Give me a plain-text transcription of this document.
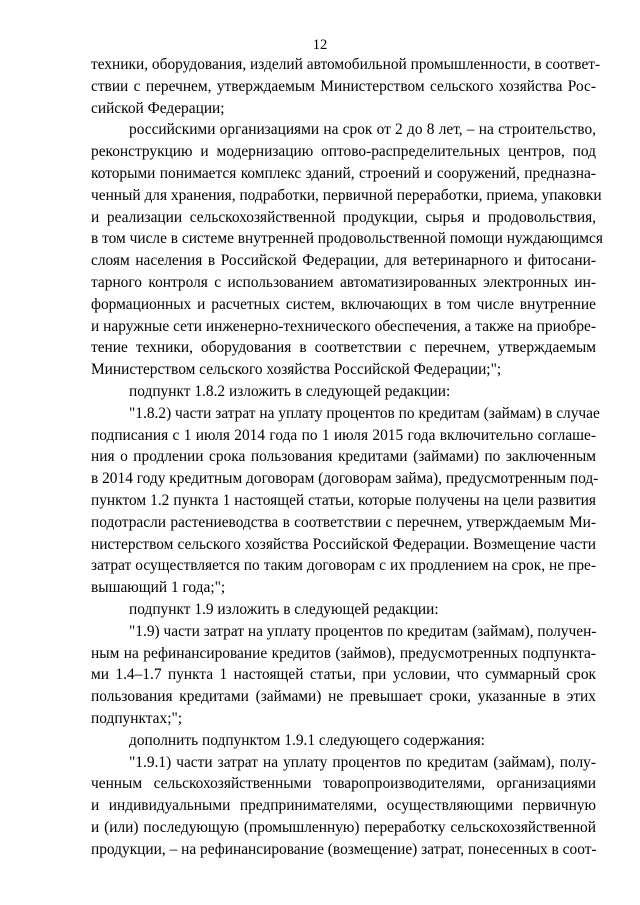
12
техники, оборудования, изделий автомобильной промышленности, в соответ-
ствии с перечнем, утверждаемым Министерством сельского хозяйства Рос-
сийской Федерации;
российскими организациями на срок от 2 до 8 лет, – на строительство,
реконструкцию и модернизацию оптово-распределительных центров, под
которыми понимается комплекс зданий, строений и сооружений, предназна-
ченный для хранения, подработки, первичной переработки, приема, упаковки
и реализации сельскохозяйственной продукции, сырья и продовольствия,
в том числе в системе внутренней продовольственной помощи нуждающимся
слоям населения в Российской Федерации, для ветеринарного и фитосани-
тарного контроля с использованием автоматизированных электронных ин-
формационных и расчетных систем, включающих в том числе внутренние
и наружные сети инженерно-технического обеспечения, а также на приобре-
тение техники, оборудования в соответствии с перечнем, утверждаемым
Министерством сельского хозяйства Российской Федерации;";
подпункт 1.8.2 изложить в следующей редакции:
"1.8.2) части затрат на уплату процентов по кредитам (займам) в случае
подписания с 1 июля 2014 года по 1 июля 2015 года включительно соглаше-
ния о продлении срока пользования кредитами (займами) по заключенным
в 2014 году кредитным договорам (договорам займа), предусмотренным под-
пунктом 1.2 пункта 1 настоящей статьи, которые получены на цели развития
подотрасли растениеводства в соответствии с перечнем, утверждаемым Ми-
нистерством сельского хозяйства Российской Федерации. Возмещение части
затрат осуществляется по таким договорам с их продлением на срок, не пре-
вышающий 1 года;";
подпункт 1.9 изложить в следующей редакции:
"1.9) части затрат на уплату процентов по кредитам (займам), получен-
ным на рефинансирование кредитов (займов), предусмотренных подпункта-
ми 1.4–1.7 пункта 1 настоящей статьи, при условии, что суммарный срок
пользования кредитами (займами) не превышает сроки, указанные в этих
подпунктах;";
дополнить подпунктом 1.9.1 следующего содержания:
"1.9.1) части затрат на уплату процентов по кредитам (займам), полу-
ченным сельскохозяйственными товаропроизводителями, организациями
и индивидуальными предпринимателями, осуществляющими первичную
и (или) последующую (промышленную) переработку сельскохозяйственной
продукции, – на рефинансирование (возмещение) затрат, понесенных в соот-
